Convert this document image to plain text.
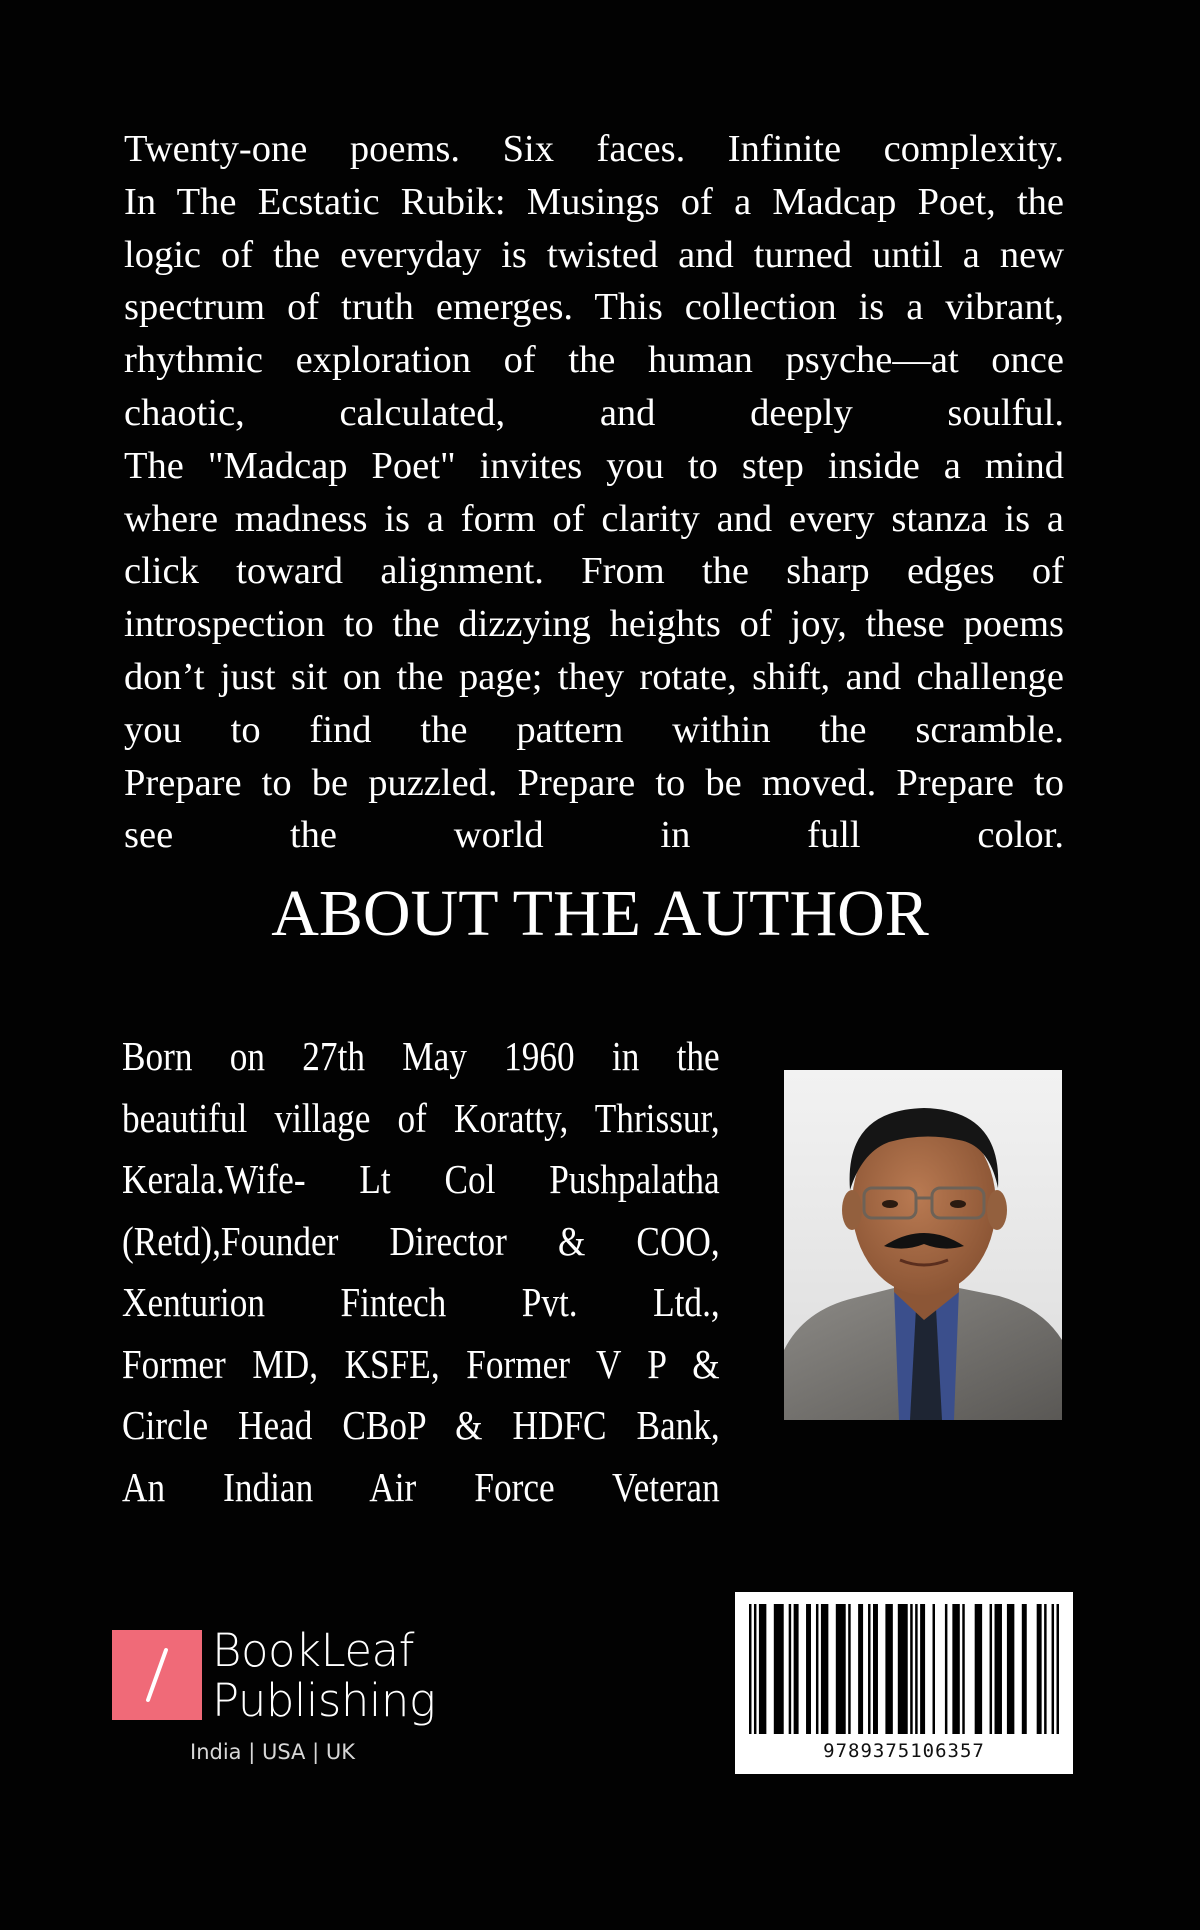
Twenty-one poems. Six faces. Infinite complexity.
In The Ecstatic Rubik: Musings of a Madcap Poet, the
logic of the everyday is twisted and turned until a new
spectrum of truth emerges. This collection is a vibrant,
rhythmic exploration of the human psyche—at once
chaotic, calculated, and deeply soulful.
The "Madcap Poet" invites you to step inside a mind
where madness is a form of clarity and every stanza is a
click toward alignment. From the sharp edges of
introspection to the dizzying heights of joy, these poems
don’t just sit on the page; they rotate, shift, and challenge
you to find the pattern within the scramble.
Prepare to be puzzled. Prepare to be moved. Prepare to
see the world in full color.
ABOUT THE AUTHOR
Born on 27th May 1960 in the
beautiful village of Koratty, Thrissur,
Kerala.Wife- Lt Col Pushpalatha
(Retd),Founder Director & COO,
Xenturion Fintech Pvt. Ltd.,
Former MD, KSFE, Former V P &
Circle Head CBoP & HDFC Bank,
An Indian Air Force Veteran
BookLeaf
Publishing
India | USA | UK	9789375106357
